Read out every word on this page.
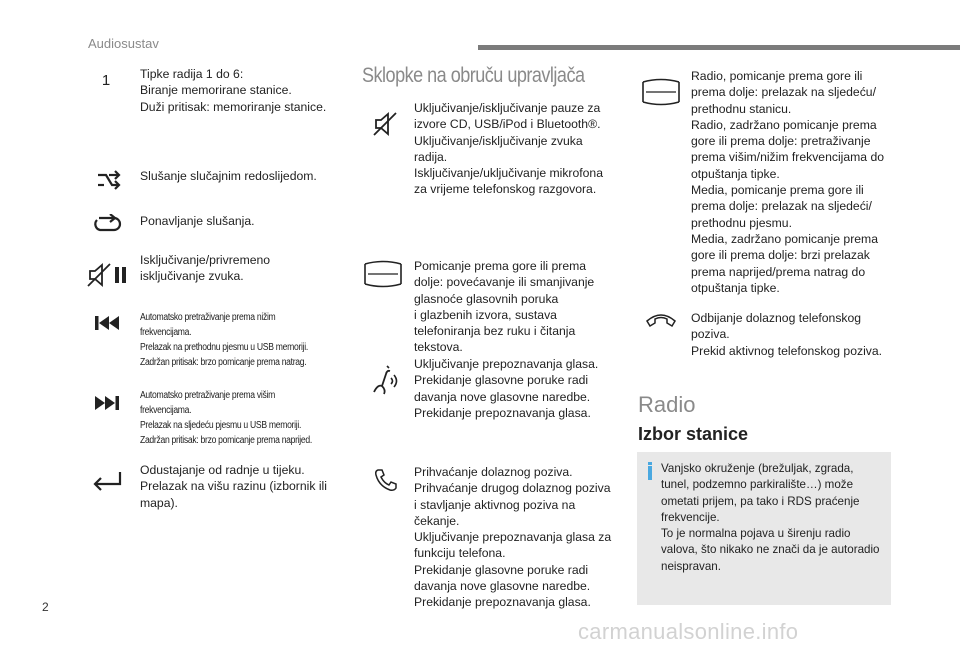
Audiosustav
1	Tipke radija 1 do 6:
Biranje memorirane stanice.
Duži pritisak: memoriranje stanice.
Slušanje slučajnim redoslijedom.
Ponavljanje slušanja.
Isključivanje/privremeno
isključivanje zvuka.
Automatsko pretraživanje prema nižim
frekvencijama.
Prelazak na prethodnu pjesmu u USB memoriji.
Zadržan pritisak: brzo pomicanje prema natrag.
Automatsko pretraživanje prema višim
frekvencijama.
Prelazak na sljedeću pjesmu u USB memoriji.
Zadržan pritisak: brzo pomicanje prema naprijed.
Odustajanje od radnje u tijeku.
Prelazak na višu razinu (izbornik ili
mapa).
Sklopke na obruču upravljača
Uključivanje/isključivanje pauze za
izvore CD, USB/iPod i Bluetooth®.
Uključivanje/isključivanje zvuka
radija.
Isključivanje/uključivanje mikrofona
za vrijeme telefonskog razgovora.
Pomicanje prema gore ili prema
dolje: povećavanje ili smanjivanje
glasnoće glasovnih poruka
i glazbenih izvora, sustava
telefoniranja bez ruku i čitanja
tekstova.
Uključivanje prepoznavanja glasa.
Prekidanje glasovne poruke radi
davanja nove glasovne naredbe.
Prekidanje prepoznavanja glasa.
Prihvaćanje dolaznog poziva.
Prihvaćanje drugog dolaznog poziva
i stavljanje aktivnog poziva na
čekanje.
Uključivanje prepoznavanja glasa za
funkciju telefona.
Prekidanje glasovne poruke radi
davanja nove glasovne naredbe.
Prekidanje prepoznavanja glasa.
Radio, pomicanje prema gore ili
prema dolje: prelazak na sljedeću/
prethodnu stanicu.
Radio, zadržano pomicanje prema
gore ili prema dolje: pretraživanje
prema višim/nižim frekvencijama do
otpuštanja tipke.
Media, pomicanje prema gore ili
prema dolje: prelazak na sljedeći/
prethodnu pjesmu.
Media, zadržano pomicanje prema
gore ili prema dolje: brzi prelazak
prema naprijed/prema natrag do
otpuštanja tipke.
Odbijanje dolaznog telefonskog
poziva.
Prekid aktivnog telefonskog poziva.
Radio
Izbor stanice
Vanjsko okruženje (brežuljak, zgrada,
tunel, podzemno parkiralište…) može
ometati prijem, pa tako i RDS praćenje
frekvencije.
To je normalna pojava u širenju radio
valova, što nikako ne znači da je autoradio
neispravan.
2
carmanualsonline.info
